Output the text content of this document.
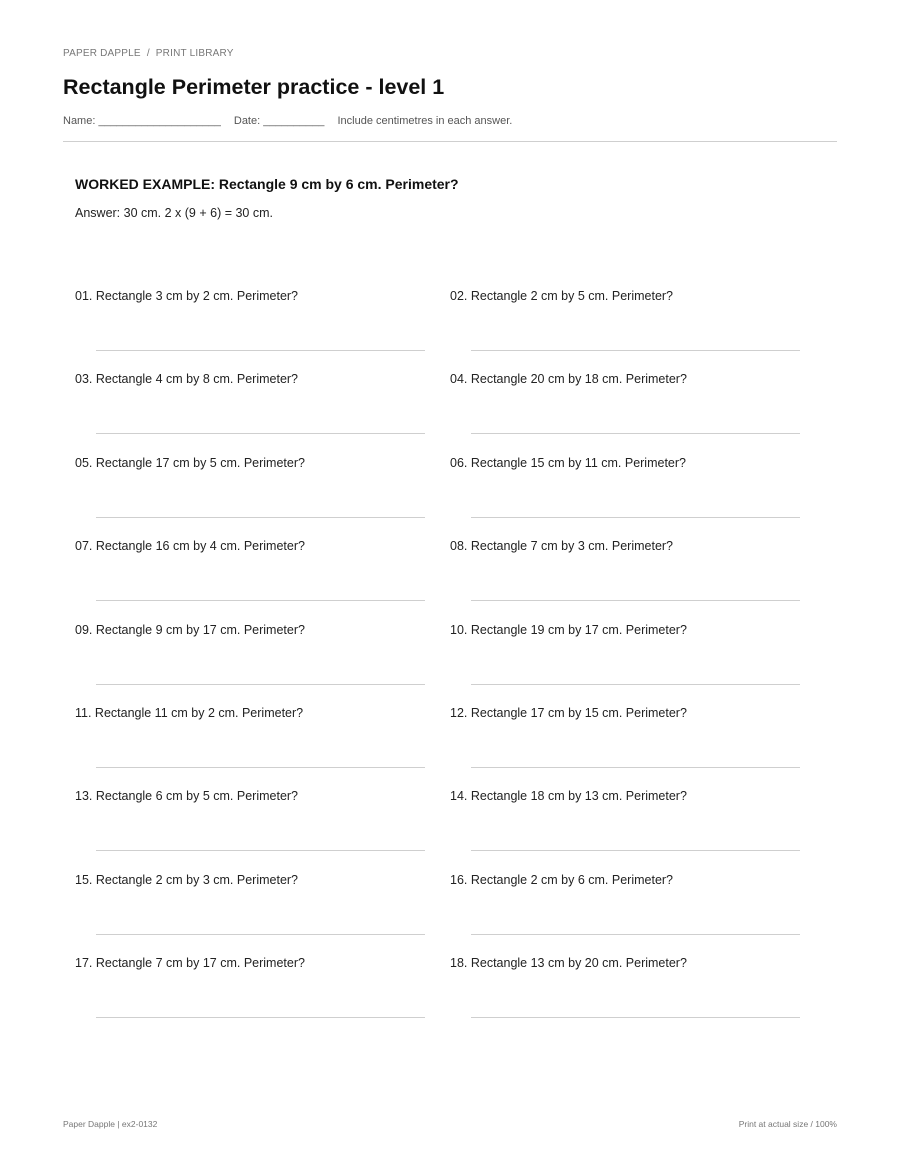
PAPER DAPPLE / PRINT LIBRARY
Rectangle Perimeter practice - level 1
Name: ____________________ Date: __________ Include centimetres in each answer.
WORKED EXAMPLE: Rectangle 9 cm by 6 cm. Perimeter?
Answer: 30 cm. 2 x (9 + 6) = 30 cm.
01. Rectangle 3 cm by 2 cm. Perimeter?	02. Rectangle 2 cm by 5 cm. Perimeter?
03. Rectangle 4 cm by 8 cm. Perimeter?	04. Rectangle 20 cm by 18 cm. Perimeter?
05. Rectangle 17 cm by 5 cm. Perimeter?	06. Rectangle 15 cm by 11 cm. Perimeter?
07. Rectangle 16 cm by 4 cm. Perimeter?	08. Rectangle 7 cm by 3 cm. Perimeter?
09. Rectangle 9 cm by 17 cm. Perimeter?	10. Rectangle 19 cm by 17 cm. Perimeter?
11. Rectangle 11 cm by 2 cm. Perimeter?	12. Rectangle 17 cm by 15 cm. Perimeter?
13. Rectangle 6 cm by 5 cm. Perimeter?	14. Rectangle 18 cm by 13 cm. Perimeter?
15. Rectangle 2 cm by 3 cm. Perimeter?	16. Rectangle 2 cm by 6 cm. Perimeter?
17. Rectangle 7 cm by 17 cm. Perimeter?	18. Rectangle 13 cm by 20 cm. Perimeter?
Paper Dapple | ex2-0132	Print at actual size / 100%
